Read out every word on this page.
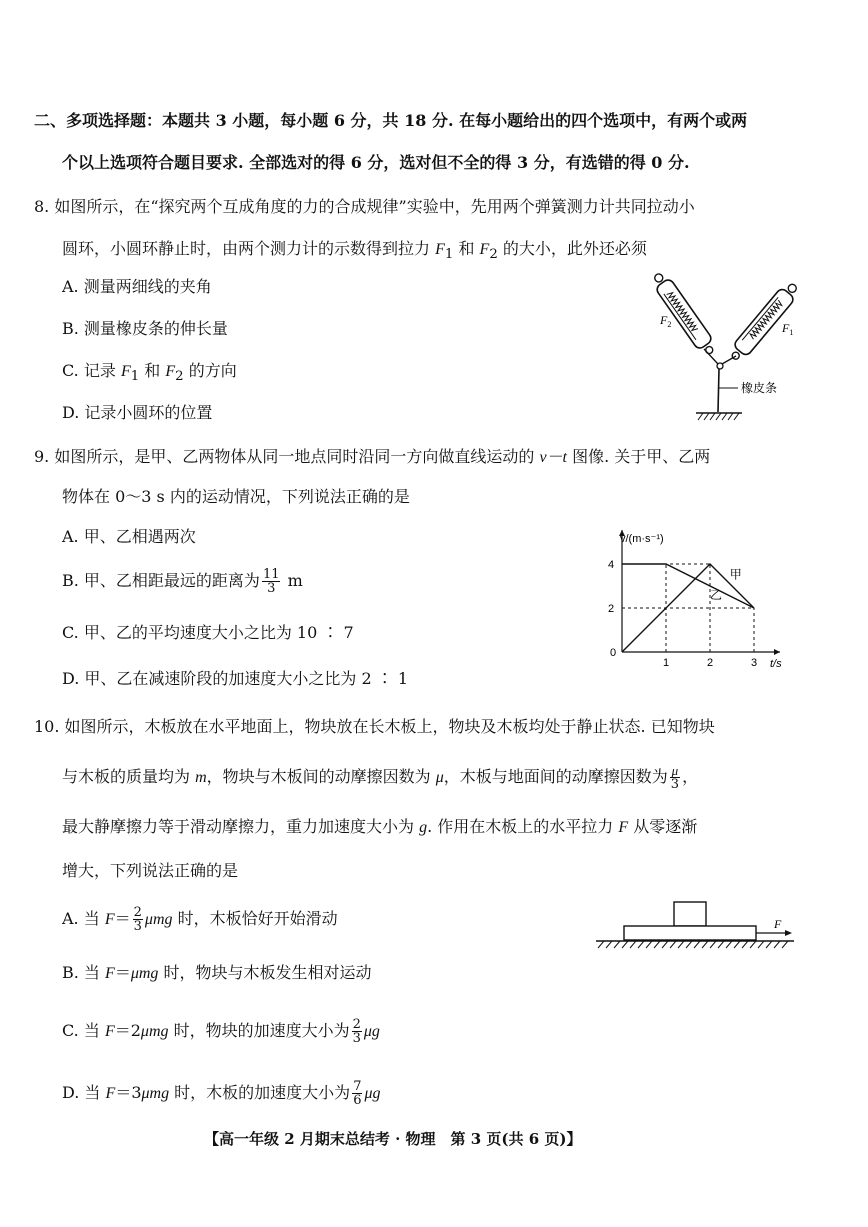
二、多项选择题：本题共 3 小题，每小题 6 分，共 18 分. 在每小题给出的四个选项中，有两个或两
个以上选项符合题目要求. 全部选对的得 6 分，选对但不全的得 3 分，有选错的得 0 分.
8. 如图所示，在“探究两个互成角度的力的合成规律”实验中，先用两个弹簧测力计共同拉动小
圆环，小圆环静止时，由两个测力计的示数得到拉力 $F_1$ 和 $F_2$ 的大小，此外还必须
A. 测量两细线的夹角
B. 测量橡皮条的伸长量
C. 记录 $F_1$ 和 $F_2$ 的方向
D. 记录小圆环的位置
$F_2$	$F_1$
橡皮条
9. 如图所示，是甲、乙两物体从同一地点同时沿同一方向做直线运动的 v－t 图像. 关于甲、乙两
物体在 0～3 s 内的运动情况，下列说法正确的是
A. 甲、乙相遇两次
B. 甲、乙相距最远的距离为 $\frac{11}{3}$ m
C. 甲、乙的平均速度大小之比为 10 ∶ 7
D. 甲、乙在减速阶段的加速度大小之比为 2 ∶ 1
v/(m·s⁻¹)
t/s
0
4
2
1	2	3
甲
乙
10. 如图所示，木板放在水平地面上，物块放在长木板上，物块及木板均处于静止状态. 已知物块
与木板的质量均为 m，物块与木板间的动摩擦因数为 μ，木板与地面间的动摩擦因数为 $\frac{\mu}{3}$ ，
最大静摩擦力等于滑动摩擦力，重力加速度大小为 g. 作用在木板上的水平拉力 F 从零逐渐
增大，下列说法正确的是
A. 当 $F= \frac{2}{3}$ μmg 时，木板恰好开始滑动
B. 当 F＝μmg 时，物块与木板发生相对运动
C. 当 F＝2μmg 时，物块的加速度大小为 $\frac{2}{3}$ μg
D. 当 F＝3μmg 时，木板的加速度大小为 $\frac{7}{6}$ μg
F
【高一年级 2 月期末总结考 · 物理　第 3 页(共 6 页)】
